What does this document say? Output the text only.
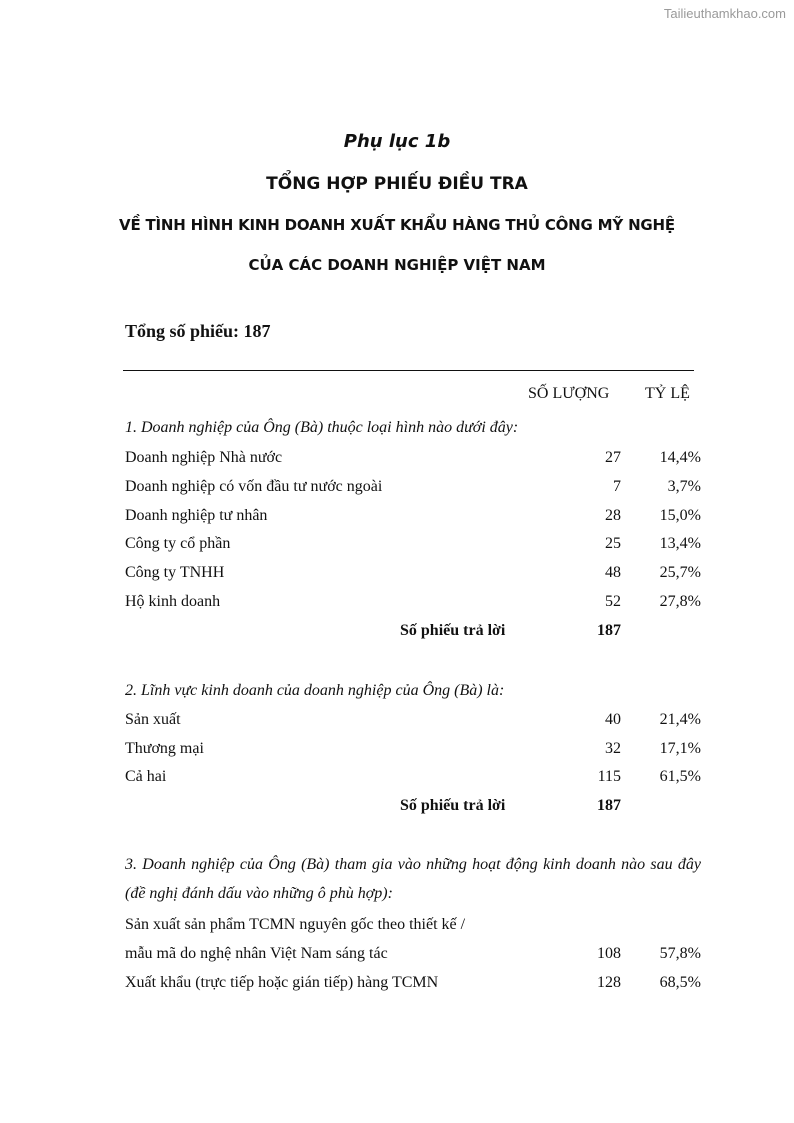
Tailieuthamkhao.com
Phụ lục 1b
TỔNG HỢP PHIẾU ĐIỀU TRA
VỀ TÌNH HÌNH KINH DOANH XUẤT KHẨU HÀNG THỦ CÔNG MỸ NGHỆ
CỦA CÁC DOANH NGHIỆP VIỆT NAM
Tổng số phiếu: 187
SỐ LƯỢNG TỶ LỆ
1. Doanh nghiệp của Ông (Bà) thuộc loại hình nào dưới đây:
Doanh nghiệp Nhà nước	27 14,4%
Doanh nghiệp có vốn đầu tư nước ngoài	7	3,7%
Doanh nghiệp tư nhân	28 15,0%
Công ty cổ phần	25 13,4%
Công ty TNHH	48 25,7%
Hộ kinh doanh	52 27,8%
Số phiếu trả lời	187
2. Lĩnh vực kinh doanh của doanh nghiệp của Ông (Bà) là:
Sản xuất	40 21,4%
Thương mại	32 17,1%
Cả hai	115 61,5%
Số phiếu trả lời	187
3. Doanh nghiệp của Ông (Bà) tham gia vào những hoạt động kinh doanh nào sau đây (đề nghị đánh dấu vào những ô phù hợp):
Sản xuất sản phẩm TCMN nguyên gốc theo thiết kế /
mẫu mã do nghệ nhân Việt Nam sáng tác	108 57,8%
Xuất khẩu (trực tiếp hoặc gián tiếp) hàng TCMN	128 68,5%
